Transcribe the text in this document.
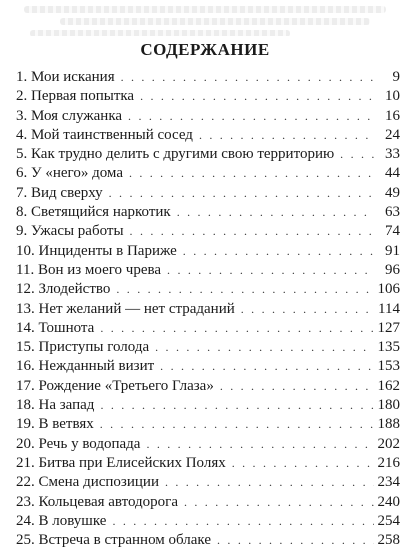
СОДЕРЖАНИЕ
1. Мои искания . . .	9
2. Первая попытка . . .	10
3. Моя служанка . . .	16
4. Мой таинственный сосед . . .	24
5. Как трудно делить с другими свою территорию . . .	33
6. У «него» дома . . .	44
7. Вид сверху . . .	49
8. Светящийся наркотик . . .	63
9. Ужасы работы . . .	74
10. Инциденты в Париже . . .	91
11. Вон из моего чрева . . .	96
12. Злодейство . . .	106
13. Нет желаний — нет страданий . . .	114
14. Тошнота . . .	127
15. Приступы голода . . .	135
16. Нежданный визит . . .	153
17. Рождение «Третьего Глаза» . . .	162
18. На запад . . .	180
19. В ветвях . . .	188
20. Речь у водопада . . .	202
21. Битва при Елисейских Полях . . .	216
22. Смена диспозиции . . .	234
23. Кольцевая автодорога . . .	240
24. В ловушке . . .	254
25. Встреча в странном облаке . . .	258
